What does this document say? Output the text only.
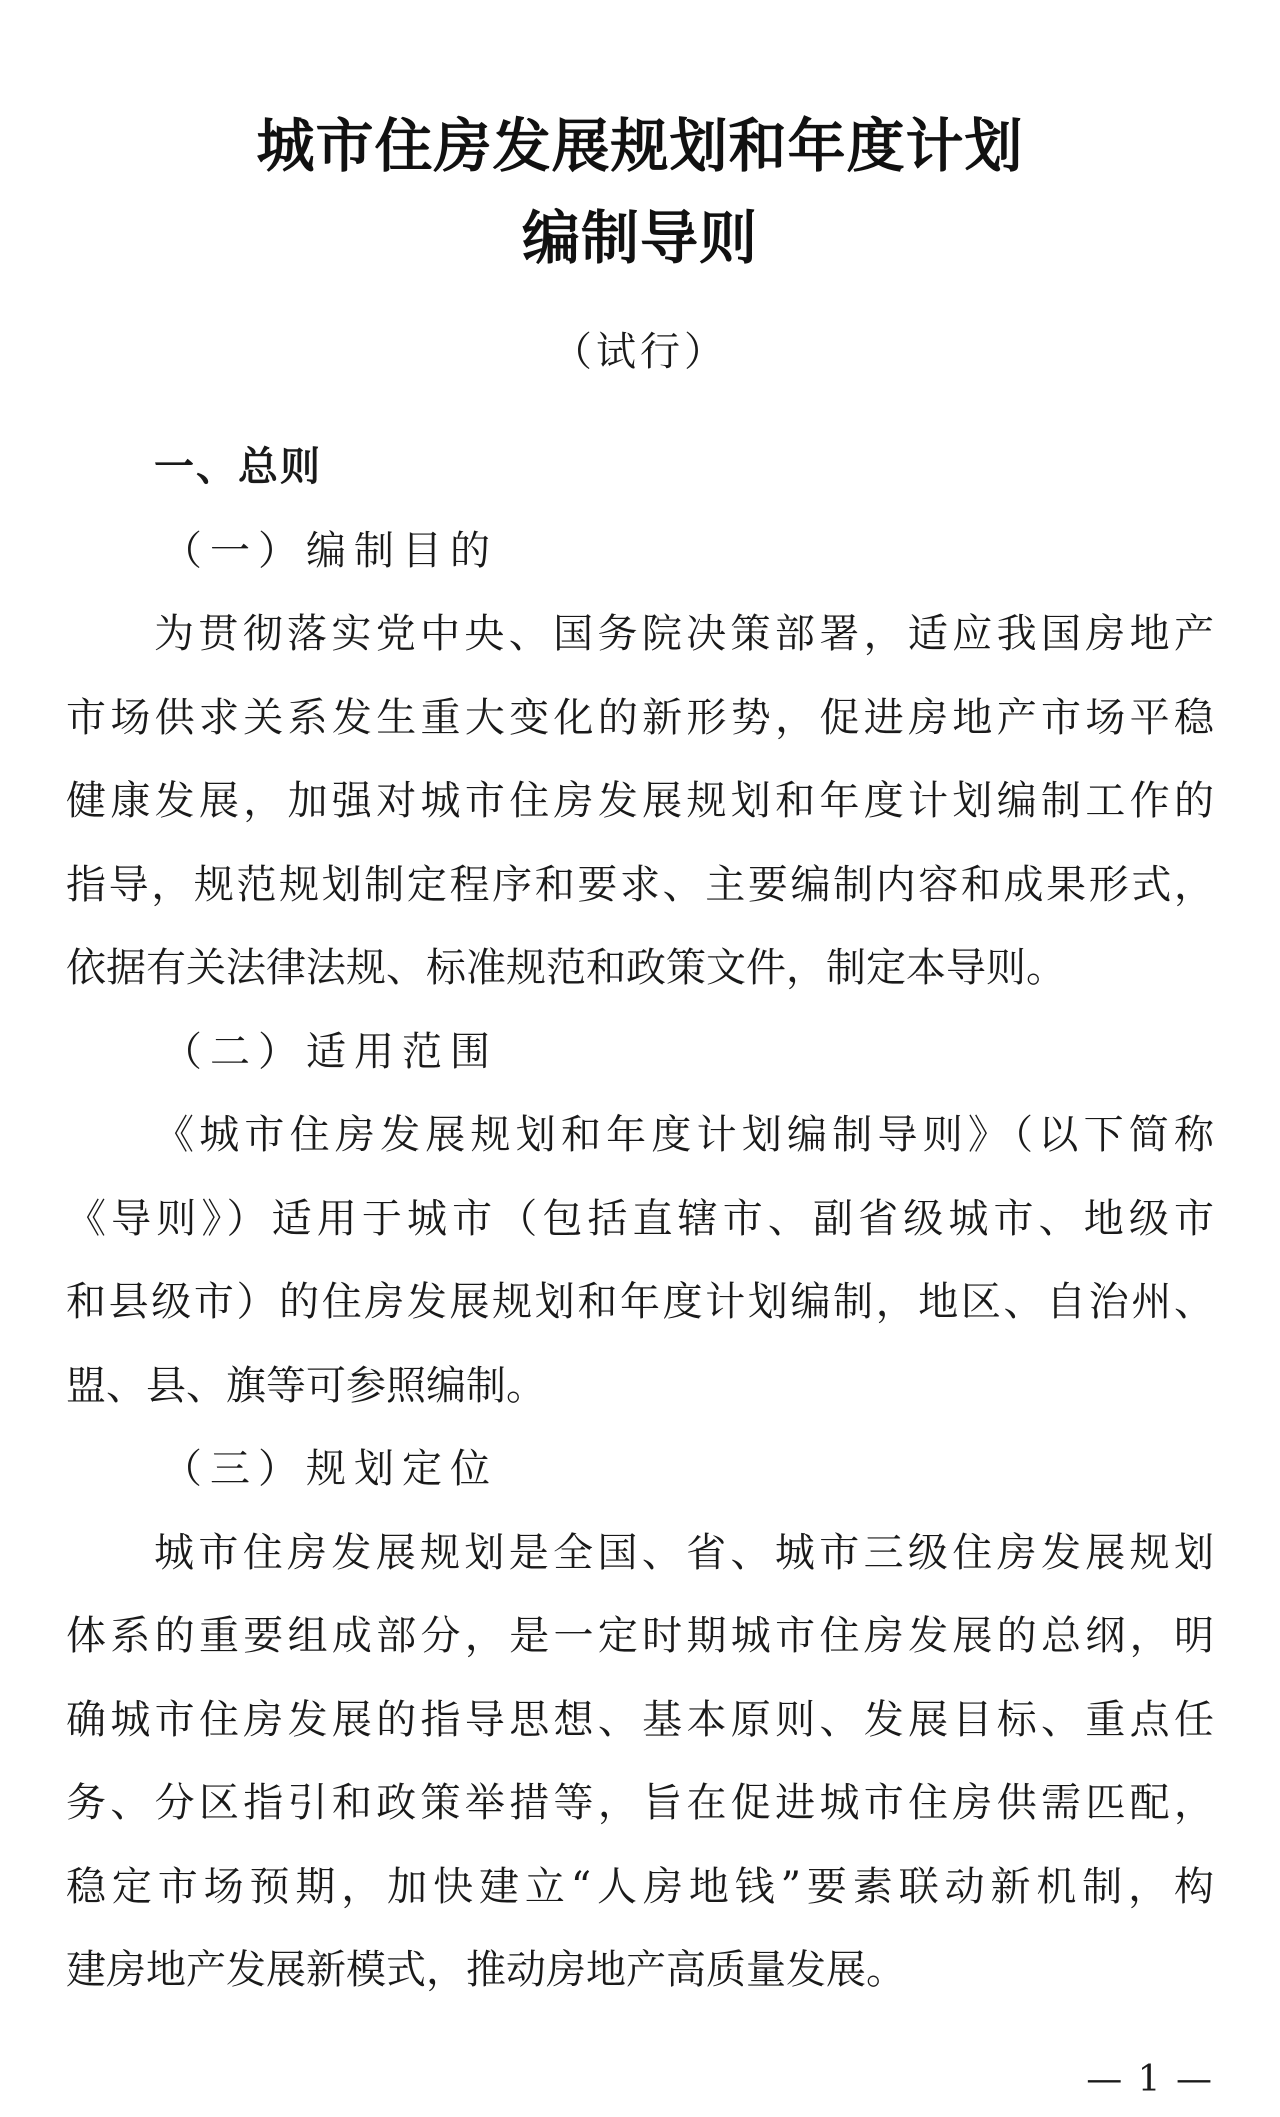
城市住房发展规划和年度计划
编制导则
（试行）
一、总则
（一）编制目的
为贯彻落实党中央、国务院决策部署，适应我国房地产
市场供求关系发生重大变化的新形势，促进房地产市场平稳
健康发展，加强对城市住房发展规划和年度计划编制工作的
指导，规范规划制定程序和要求、主要编制内容和成果形式，
依据有关法律法规、标准规范和政策文件，制定本导则。
（二）适用范围
《城市住房发展规划和年度计划编制导则》（以下简称
《导则》）适用于城市（包括直辖市、副省级城市、地级市
和县级市）的住房发展规划和年度计划编制，地区、自治州、
盟、县、旗等可参照编制。
（三）规划定位
城市住房发展规划是全国、省、城市三级住房发展规划
体系的重要组成部分，是一定时期城市住房发展的总纲，明
确城市住房发展的指导思想、基本原则、发展目标、重点任
务、分区指引和政策举措等，旨在促进城市住房供需匹配，
稳定市场预期，加快建立“人房地钱”要素联动新机制，构
建房地产发展新模式，推动房地产高质量发展。
— 1 —
